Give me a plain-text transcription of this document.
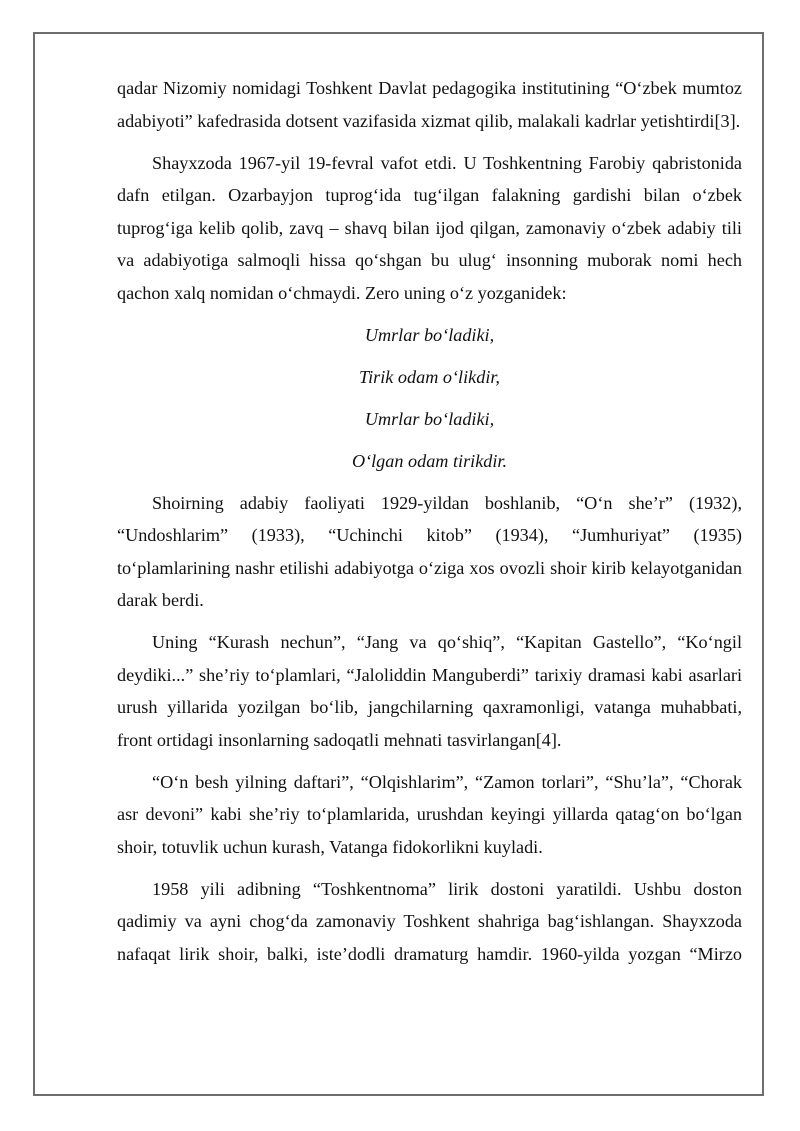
qadar Nizomiy nomidagi Toshkent Davlat pedagogika institutining “O‘zbek mumtoz adabiyoti” kafedrasida dotsent vazifasida xizmat qilib, malakali kadrlar yetishtirdi[3].

Shayxzoda 1967-yil 19-fevral vafot etdi. U Toshkentning Farobiy qabristonida dafn etilgan. Ozarbayjon tuprog‘ida tug‘ilgan falakning gardishi bilan o‘zbek tuprog‘iga kelib qolib, zavq – shavq bilan ijod qilgan, zamonaviy o‘zbek adabiy tili va adabiyotiga salmoqli hissa qo‘shgan bu ulug‘ insonning muborak nomi hech qachon xalq nomidan o‘chmaydi. Zero uning o‘z yozganidek:

Umrlar bo‘ladiki,
Tirik odam o‘likdir,
Umrlar bo‘ladiki,
O‘lgan odam tirikdir.

Shoirning adabiy faoliyati 1929-yildan boshlanib, “O‘n she’r” (1932), “Undoshlarim” (1933), “Uchinchi kitob” (1934), “Jumhuriyat” (1935) to‘plamlarining nashr etilishi adabiyotga o‘ziga xos ovozli shoir kirib kelayotganidan darak berdi.

Uning “Kurash nechun”, “Jang va qo‘shiq”, “Kapitan Gastello”, “Ko‘ngil deydiki...” she’riy to‘plamlari, “Jaloliddin Manguberdi” tarixiy dramasi kabi asarlari urush yillarida yozilgan bo‘lib, jangchilarning qaxramonligi, vatanga muhabbati, front ortidagi insonlarning sadoqatli mehnati tasvirlangan[4].

“O‘n besh yilning daftari”, “Olqishlarim”, “Zamon torlari”, “Shu’la”, “Chorak asr devoni” kabi she’riy to‘plamlarida, urushdan keyingi yillarda qatag‘on bo‘lgan shoir, totuvlik uchun kurash, Vatanga fidokorlikni kuyladi.

1958 yili adibning “Toshkentnoma” lirik dostoni yaratildi. Ushbu doston qadimiy va ayni chog‘da zamonaviy Toshkent shahriga bag‘ishlangan. Shayxzoda nafaqat lirik shoir, balki, iste’dodli dramaturg hamdir. 1960-yilda yozgan “Mirzo
